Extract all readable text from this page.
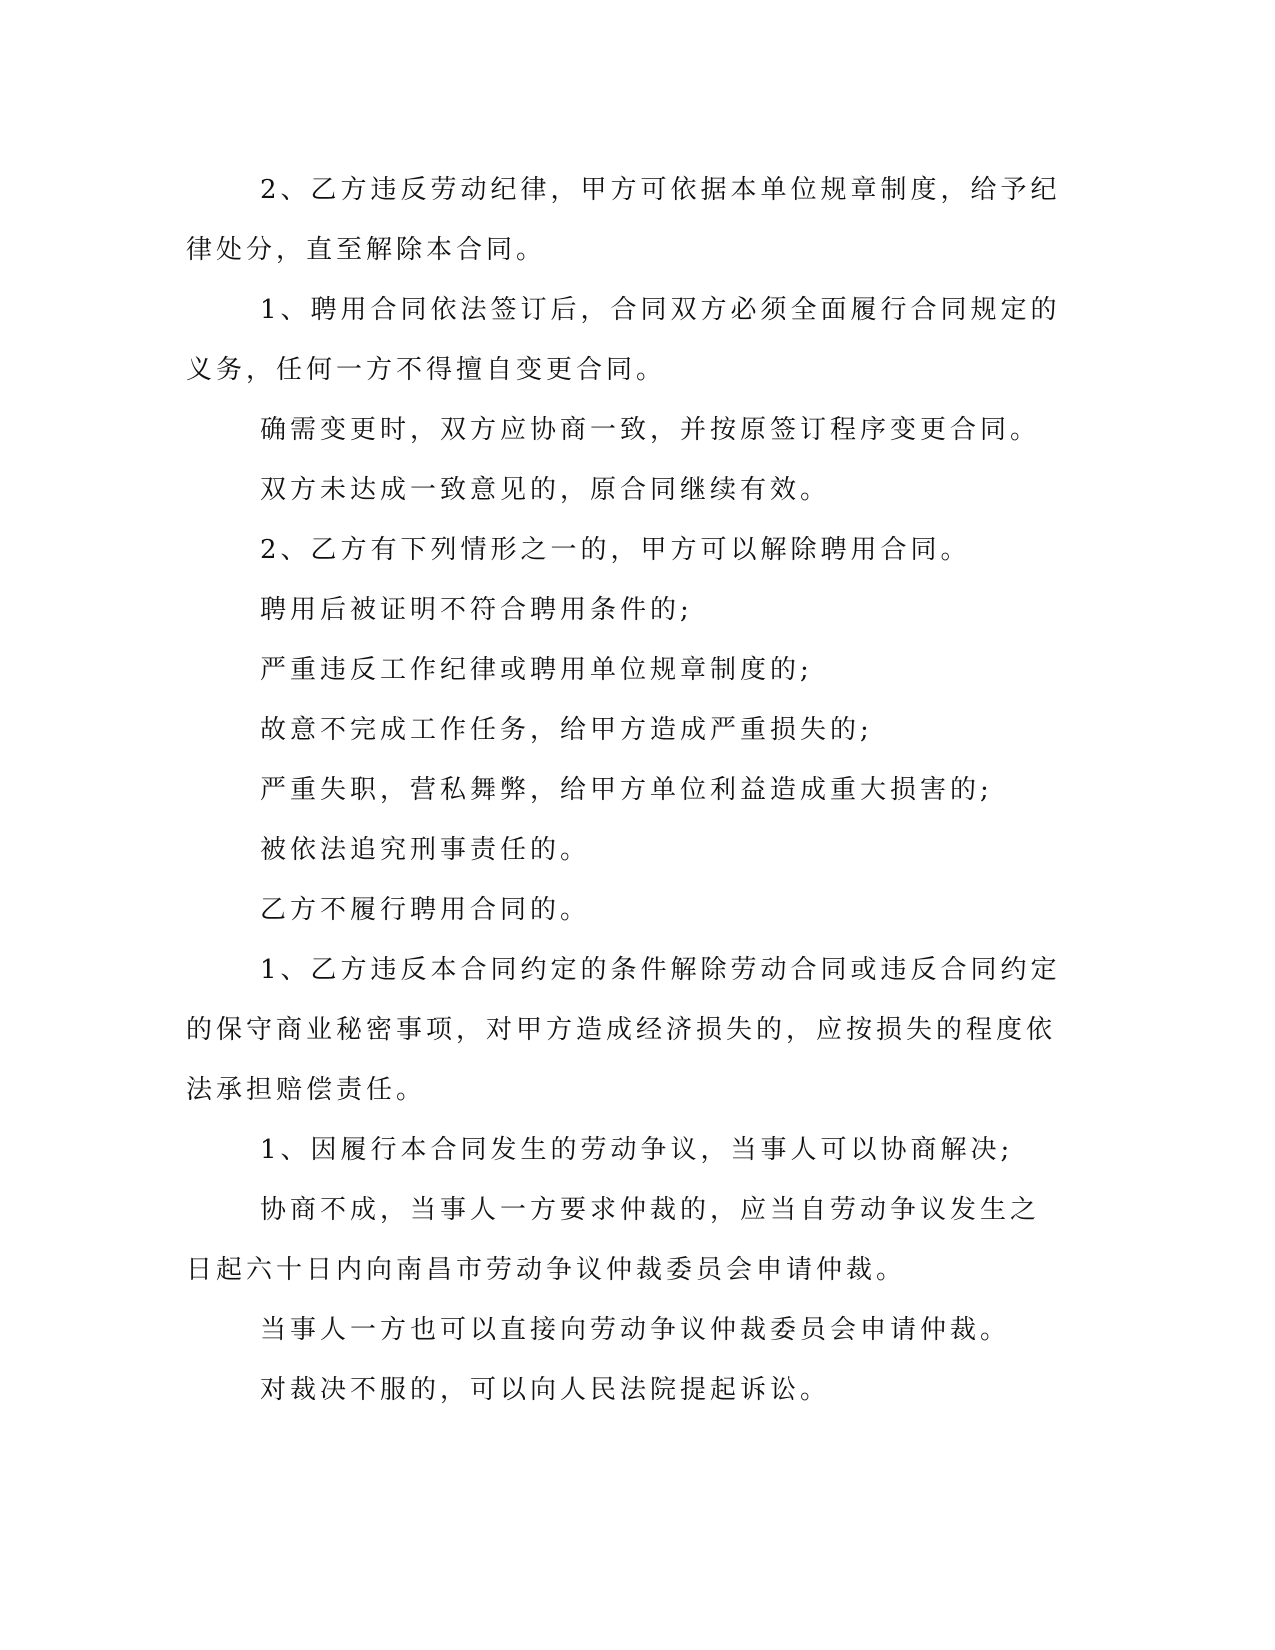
2、乙方违反劳动纪律，甲方可依据本单位规章制度，给予纪律处分，直至解除本合同。

1、聘用合同依法签订后，合同双方必须全面履行合同规定的义务，任何一方不得擅自变更合同。

确需变更时，双方应协商一致，并按原签订程序变更合同。

双方未达成一致意见的，原合同继续有效。

2、乙方有下列情形之一的，甲方可以解除聘用合同。

聘用后被证明不符合聘用条件的;

严重违反工作纪律或聘用单位规章制度的;

故意不完成工作任务，给甲方造成严重损失的;

严重失职，营私舞弊，给甲方单位利益造成重大损害的;

被依法追究刑事责任的。

乙方不履行聘用合同的。

1、乙方违反本合同约定的条件解除劳动合同或违反合同约定的保守商业秘密事项，对甲方造成经济损失的，应按损失的程度依法承担赔偿责任。

1、因履行本合同发生的劳动争议，当事人可以协商解决;

协商不成，当事人一方要求仲裁的，应当自劳动争议发生之日起六十日内向南昌市劳动争议仲裁委员会申请仲裁。

当事人一方也可以直接向劳动争议仲裁委员会申请仲裁。

对裁决不服的，可以向人民法院提起诉讼。
